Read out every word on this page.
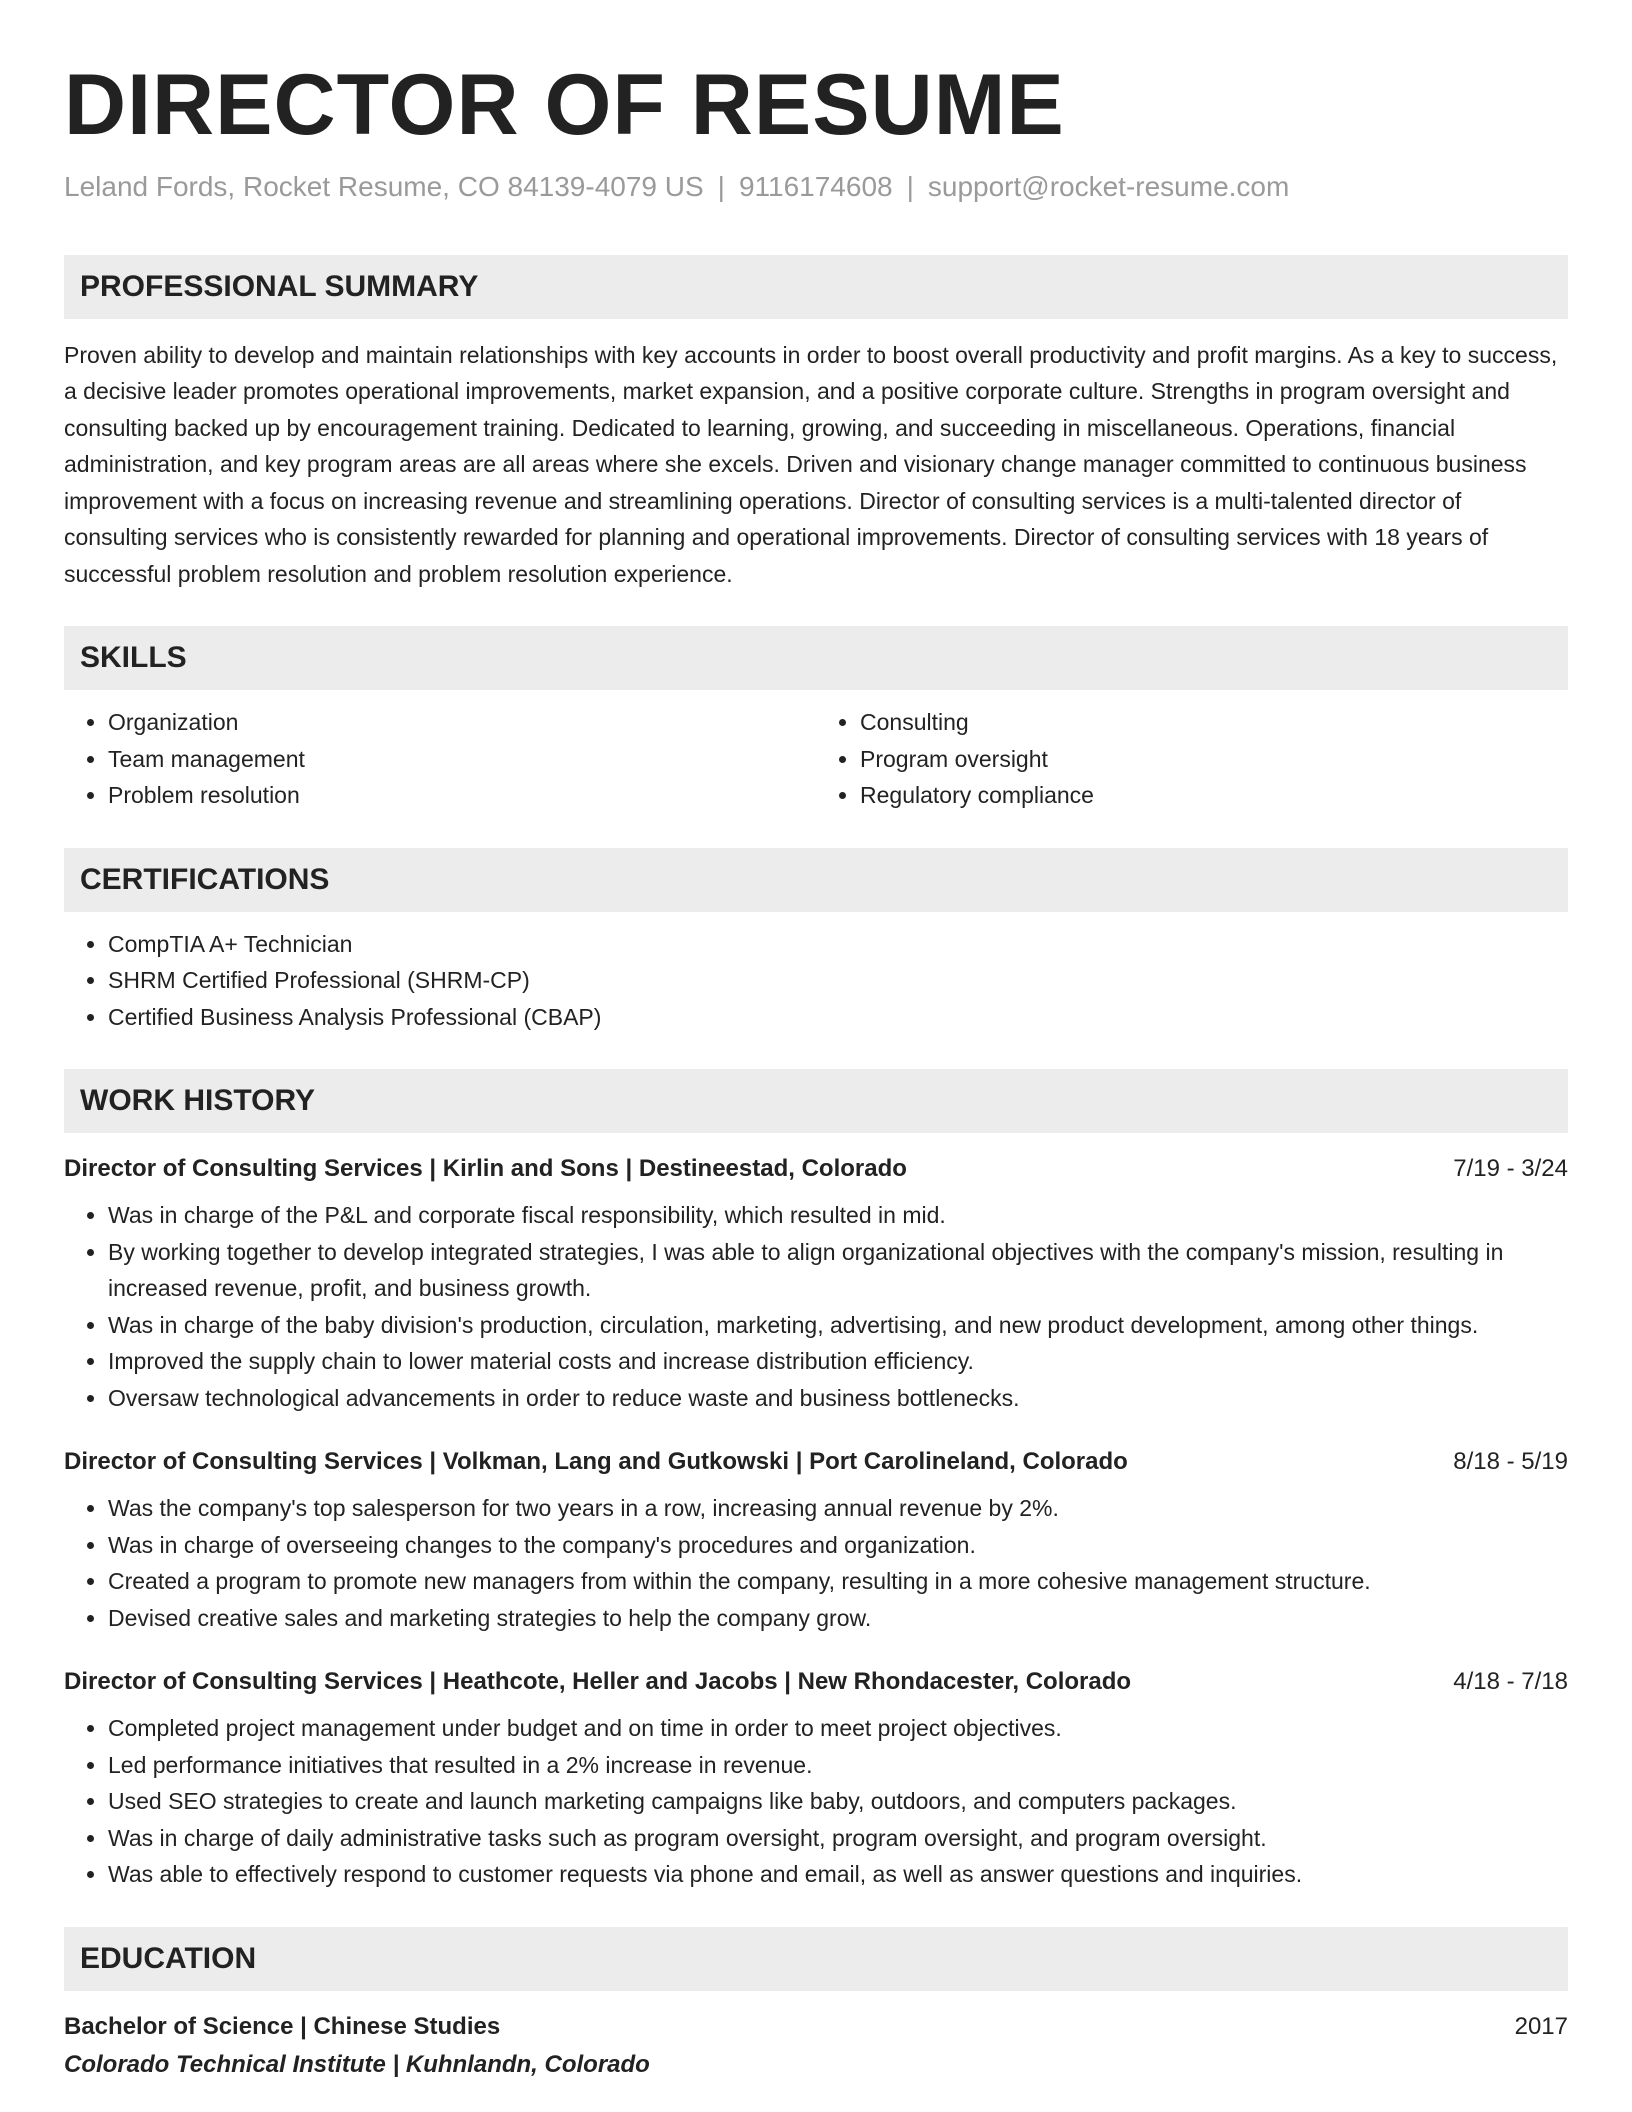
DIRECTOR OF RESUME
Leland Fords, Rocket Resume, CO 84139-4079 US | 9116174608 | support@rocket-resume.com
PROFESSIONAL SUMMARY
Proven ability to develop and maintain relationships with key accounts in order to boost overall productivity and profit margins. As a key to success, a decisive leader promotes operational improvements, market expansion, and a positive corporate culture. Strengths in program oversight and consulting backed up by encouragement training. Dedicated to learning, growing, and succeeding in miscellaneous. Operations, financial administration, and key program areas are all areas where she excels. Driven and visionary change manager committed to continuous business improvement with a focus on increasing revenue and streamlining operations. Director of consulting services is a multi-talented director of consulting services who is consistently rewarded for planning and operational improvements. Director of consulting services with 18 years of successful problem resolution and problem resolution experience.
SKILLS
• Organization
• Team management
• Problem resolution
• Consulting
• Program oversight
• Regulatory compliance
CERTIFICATIONS
• CompTIA A+ Technician
• SHRM Certified Professional (SHRM-CP)
• Certified Business Analysis Professional (CBAP)
WORK HISTORY
Director of Consulting Services | Kirlin and Sons | Destineestad, Colorado	7/19 - 3/24
• Was in charge of the P&L and corporate fiscal responsibility, which resulted in mid.
• By working together to develop integrated strategies, I was able to align organizational objectives with the company's mission, resulting in increased revenue, profit, and business growth.
• Was in charge of the baby division's production, circulation, marketing, advertising, and new product development, among other things.
• Improved the supply chain to lower material costs and increase distribution efficiency.
• Oversaw technological advancements in order to reduce waste and business bottlenecks.
Director of Consulting Services | Volkman, Lang and Gutkowski | Port Carolineland, Colorado	8/18 - 5/19
• Was the company's top salesperson for two years in a row, increasing annual revenue by 2%.
• Was in charge of overseeing changes to the company's procedures and organization.
• Created a program to promote new managers from within the company, resulting in a more cohesive management structure.
• Devised creative sales and marketing strategies to help the company grow.
Director of Consulting Services | Heathcote, Heller and Jacobs | New Rhondacester, Colorado	4/18 - 7/18
• Completed project management under budget and on time in order to meet project objectives.
• Led performance initiatives that resulted in a 2% increase in revenue.
• Used SEO strategies to create and launch marketing campaigns like baby, outdoors, and computers packages.
• Was in charge of daily administrative tasks such as program oversight, program oversight, and program oversight.
• Was able to effectively respond to customer requests via phone and email, as well as answer questions and inquiries.
EDUCATION
Bachelor of Science | Chinese Studies	2017
Colorado Technical Institute | Kuhnlandn, Colorado
